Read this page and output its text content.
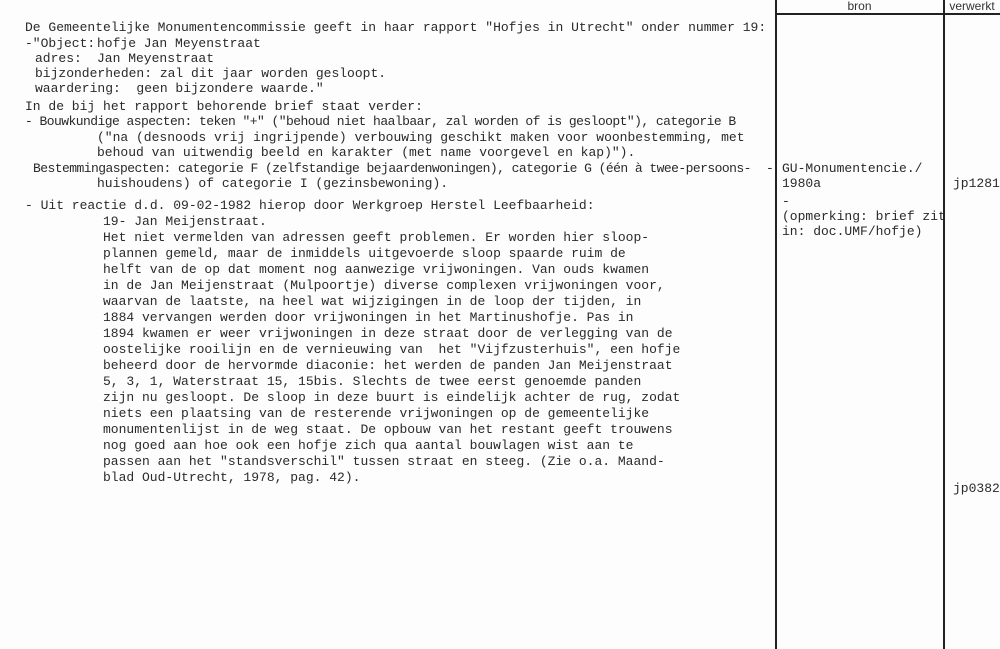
bron	verwerkt
De Gemeentelijke Monumentencommissie geeft in haar rapport "Hofjes in Utrecht" onder nummer 19:
-"Object: hofje Jan Meyenstraat
adres: Jan Meyenstraat
bijzonderheden: zal dit jaar worden gesloopt.
waardering:  geen bijzondere waarde."
In de bij het rapport behorende brief staat verder:
- Bouwkundige aspecten: teken "+" ("behoud niet haalbaar, zal worden of is gesloopt"), categorie B
("na (desnoods vrij ingrijpende) verbouwing geschikt maken voor woonbestemming, met
behoud van uitwendig beeld en karakter (met name voorgevel en kap)").
Bestemmingaspecten: categorie F (zelfstandige bejaardenwoningen), categorie G (één à twee-persoons-
huishoudens) of categorie I (gezinsbewoning).
- Uit reactie d.d. 09-02-1982 hierop door Werkgroep Herstel Leefbaarheid:
- GU-Monumentencie./
1980a
-
(opmerking: brief zit
in: doc.UMF/hofje)
jp1281
jp0382
19- Jan Meijenstraat.
Het niet vermelden van adressen geeft problemen. Er worden hier sloop-
plannen gemeld, maar de inmiddels uitgevoerde sloop spaarde ruim de
helft van de op dat moment nog aanwezige vrijwoningen. Van ouds kwamen
in de Jan Meijenstraat (Mulpoortje) diverse complexen vrijwoningen voor,
waarvan de laatste, na heel wat wijzigingen in de loop der tijden, in
1884 vervangen werden door vrijwoningen in het Martinushofje. Pas in
1894 kwamen er weer vrijwoningen in deze straat door de verlegging van de
oostelijke rooilijn en de vernieuwing van  het "Vijfzusterhuis", een hofje
beheerd door de hervormde diaconie: het werden de panden Jan Meijenstraat
5, 3, 1, Waterstraat 15, 15bis. Slechts de twee eerst genoemde panden
zijn nu gesloopt. De sloop in deze buurt is eindelijk achter de rug, zodat
niets een plaatsing van de resterende vrijwoningen op de gemeentelijke
monumentenlijst in de weg staat. De opbouw van het restant geeft trouwens
nog goed aan hoe ook een hofje zich qua aantal bouwlagen wist aan te
passen aan het "standsverschil" tussen straat en steeg. (Zie o.a. Maand-
blad Oud-Utrecht, 1978, pag. 42).
